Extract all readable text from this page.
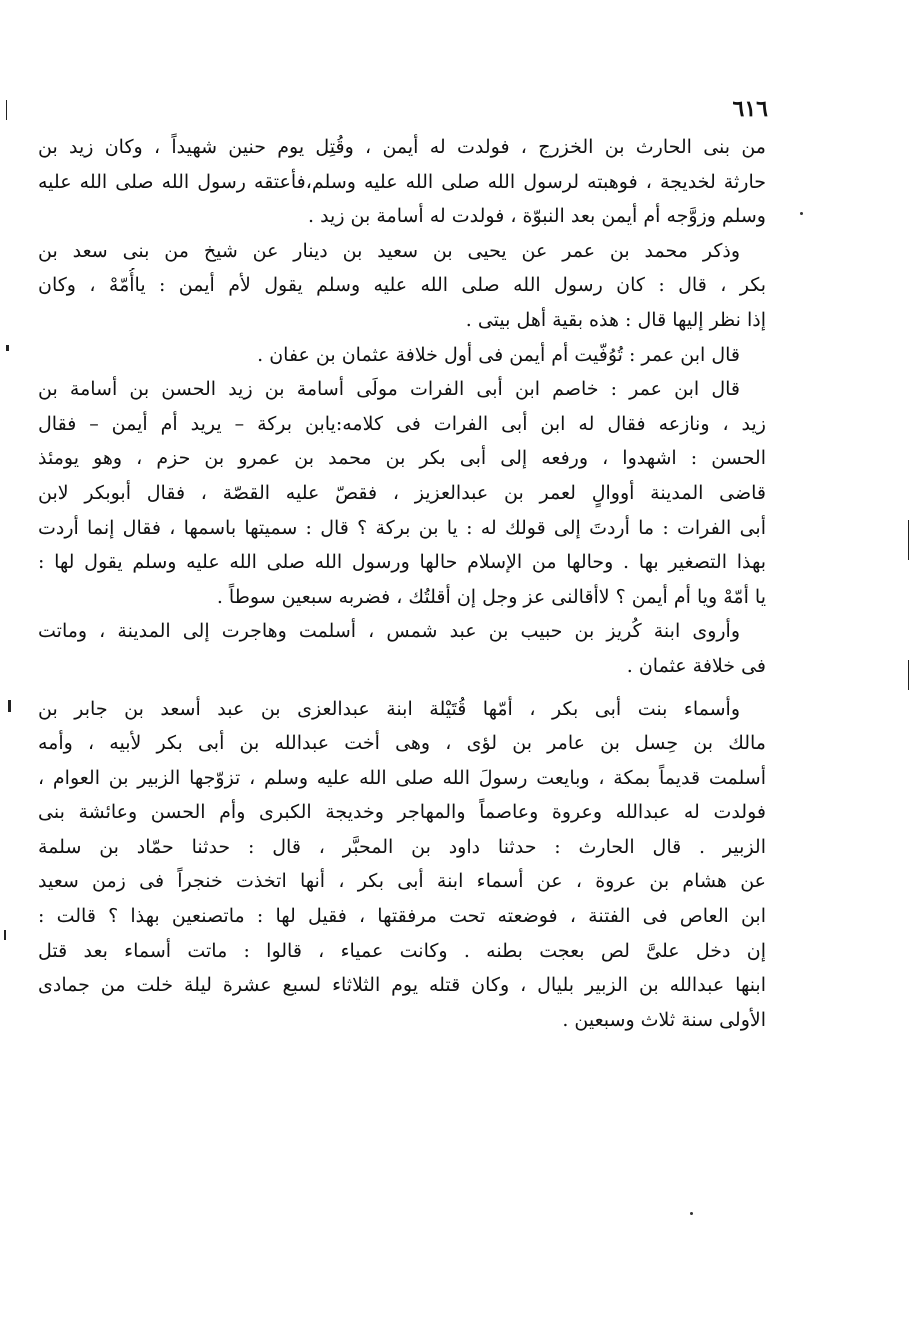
٦١٦
من بنى الحارث بن الخزرج ، فولدت له أيمن ، وقُتِل يوم حنين شهيداً ، وكان زيد بن
حارثة لخديجة ، فوهبته لرسول الله صلى الله عليه وسلم،فأعتقه رسول الله صلى الله عليه
وسلم وزوَّجه أم أيمن بعد النبوّة ، فولدت له أسامة بن زيد .
وذكر محمد بن عمر عن يحيى بن سعيد بن دينار عن شيخ من بنى سعد بن
بكر ، قال : كان رسول الله صلى الله عليه وسلم يقول لأم أيمن : ياأُمّهْ ، وكان
إذا نظر إليها قال : هذه بقية أهل بيتى .
قال ابن عمر : تُوُفّيت أم أيمن فى أول خلافة عثمان بن عفان .
قال ابن عمر : خاصم ابن أبى الفرات مولَى أسامة بن زيد الحسن بن أسامة بن
زيد ، ونازعه فقال له ابن أبى الفرات فى كلامه:يابن بركة – يريد أم أيمن – فقال
الحسن : اشهدوا ، ورفعه إلى أبى بكر بن محمد بن عمرو بن حزم ، وهو يومئذ
قاضى المدينة أووالٍ لعمر بن عبدالعزيز ، فقصّ عليه القصّة ، فقال أبوبكر لابن
أبى الفرات : ما أردتَ إلى قولك له : يا بن بركة ؟ قال : سميتها باسمها ، فقال إنما أردت
بهذا التصغير بها . وحالها من الإسلام حالها ورسول الله صلى الله عليه وسلم يقول لها :
يا أمّهْ ويا أم أيمن ؟ لاأقالنى عز وجل إن أقلتُك ، فضربه سبعين سوطاً .
وأروى ابنة كُريز بن حبيب بن عبد شمس ، أسلمت وهاجرت إلى المدينة ، وماتت
فى خلافة عثمان .
وأسماء بنت أبى بكر ، أمّها قُتَيْلة ابنة عبدالعزى بن عبد أسعد بن جابر بن
مالك بن حِسل بن عامر بن لؤى ، وهى أخت عبدالله بن أبى بكر لأبيه ، وأمه
أسلمت قديماً بمكة ، وبايعت رسولَ الله صلى الله عليه وسلم ، تزوّجها الزبير بن العوام ،
فولدت له عبدالله وعروة وعاصماً والمهاجر وخديجة الكبرى وأم الحسن وعائشة بنى
الزبير . قال الحارث : حدثنا داود بن المحبَّر ، قال : حدثنا حمّاد بن سلمة
عن هشام بن عروة ، عن أسماء ابنة أبى بكر ، أنها اتخذت خنجراً فى زمن سعيد
ابن العاص فى الفتنة ، فوضعته تحت مرفقتها ، فقيل لها : ماتصنعين بهذا ؟ قالت :
إن دخل علىَّ لص بعجت بطنه . وكانت عمياء ، قالوا : ماتت أسماء بعد قتل
ابنها عبدالله بن الزبير بليال ، وكان قتله يوم الثلاثاء لسبع عشرة ليلة خلت من جمادى
الأولى سنة ثلاث وسبعين .
